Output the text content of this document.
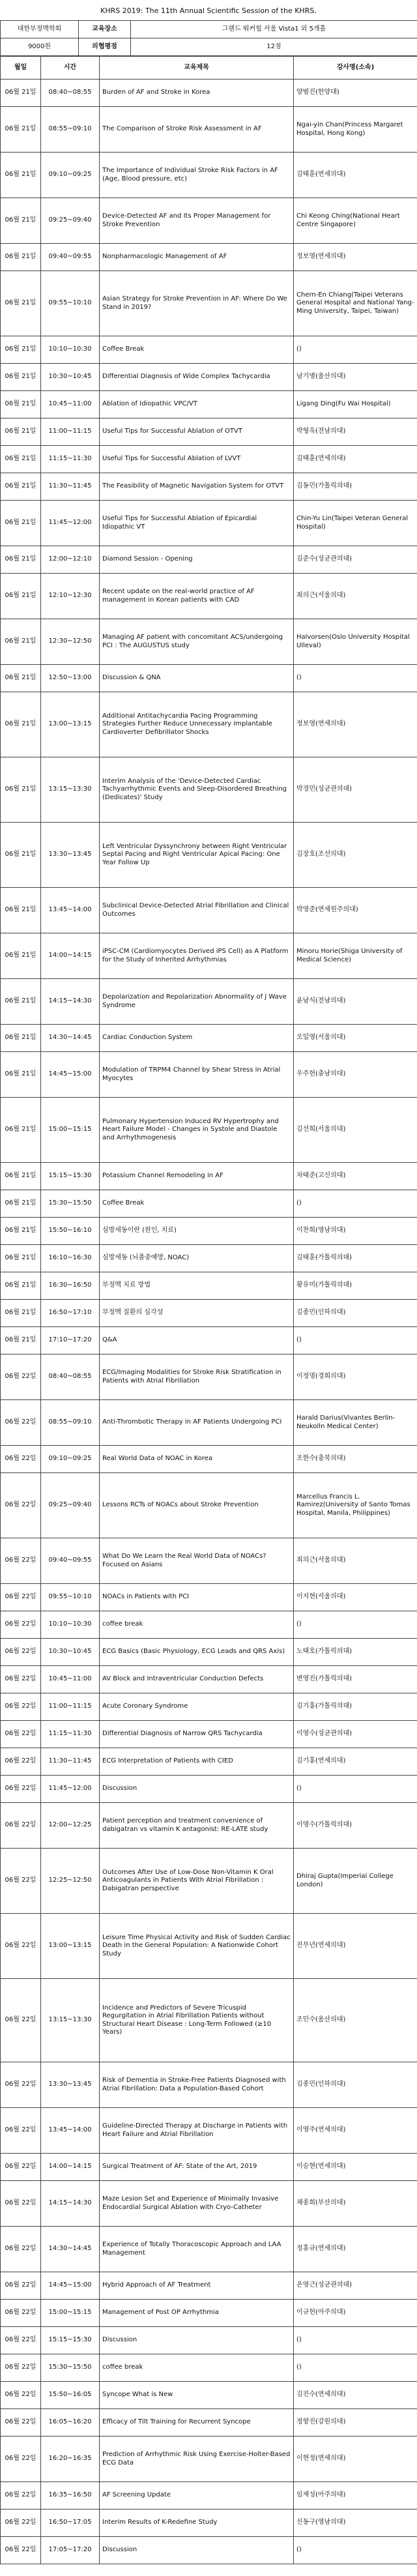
KHRS 2019: The 11th Annual Scientific Session of the KHRS.
대한부정맥학회	교육장소	그랜드 워커힐 서울 Vista1 외 5개홀
9000원	의협평점	12점
월일	시간	교육제목	강사명(소속)
06월 21일	08:40~08:55	Burden of AF and Stroke in Korea	양범진(한양대)
06월 21일	08:55~09:10	The Comparison of Stroke Risk Assessment in AF	Ngai-yin Chan(Princess Margaret Hospital, Hong Kong)
06월 21일	09:10~09:25	The Importance of Individual Stroke Risk Factors in AF (Age, Blood pressure, etc)	김태훈(연세의대)
06월 21일	09:25~09:40	Device-Detected AF and Its Proper Management for Stroke Prevention	Chi Keong Ching(National Heart Centre Singapore)
06월 21일	09:40~09:55	Nonpharmacologic Management of AF	정보영(연세의대)
06월 21일	09:55~10:10	Asian Strategy for Stroke Prevention in AF: Where Do We Stand in 2019?	Chern-En Chiang(Taipei Veterans General Hospital and National Yang-Ming University, Taipei, Taiwan)
06월 21일	10:10~10:30	Coffee Break	()
06월 21일	10:30~10:45	Differential Diagnosis of Wide Complex Tachycardia	남기병(울산의대)
06월 21일	10:45~11:00	Ablation of Idiopathic VPC/VT	Ligang Ding(Fu Wai Hospital)
06월 21일	11:00~11:15	Useful Tips for Successful Ablation of OTVT	박형욱(전남의대)
06월 21일	11:15~11:30	Useful Tips for Successful Ablation of LVVT	김태훈(연세의대)
06월 21일	11:30~11:45	The Feasibility of Magnetic Navigation System for OTVT	김동민(가톨릭의대)
06월 21일	11:45~12:00	Useful Tips for Successful Ablation of Epicardial Idiopathic VT	Chin-Yu Lin(Taipei Veteran General Hospital)
06월 21일	12:00~12:10	Diamond Session - Opening	김준수(성균관의대)
06월 21일	12:10~12:30	Recent update on the real-world practice of AF management in Korean patients with CAD	최의근(서울의대)
06월 21일	12:30~12:50	Managing AF patient with concomitant ACS/undergoing PCI : The AUGUSTUS study	Halvorsen(Oslo University Hospital Ulleval)
06월 21일	12:50~13:00	Discussion & QNA	()
06월 21일	13:00~13:15	Additional Antitachycardia Pacing Programming Strategies Further Reduce Unnecessary Implantable Cardioverter Defibrillator Shocks	정보영(연세의대)
06월 21일	13:15~13:30	Interim Analysis of the 'Device-Detected Cardiac Tachyarrhythmic Events and Sleep-Disordered Breathing (Dedicates)' Study	박경민(성균관의대)
06월 21일	13:30~13:45	Left Ventricular Dyssynchrony between Right Ventricular Septal Pacing and Right Ventricular Apical Pacing: One Year Follow Up	김장호(조선의대)
06월 21일	13:45~14:00	Subclinical Device-Detected Atrial Fibrillation and Clinical Outcomes	박영준(연세원주의대)
06월 21일	14:00~14:15	iPSC-CM (Cardiomyocytes Derived iPS Cell) as A Platform for the Study of Inherited Arrhythmias	Minoru Horie(Shiga University of Medical Science)
06월 21일	14:15~14:30	Depolarization and Repolarization Abnormality of J Wave Syndrome	윤남식(전남의대)
06월 21일	14:30~14:45	Cardiac Conduction System	오일영(서울의대)
06월 21일	14:45~15:00	Modulation of TRPM4 Channel by Shear Stress in Atrial Myocytes	우주헌(충남의대)
06월 21일	15:00~15:15	Pulmonary Hypertension Induced RV Hypertrophy and Heart Failure Model - Changes in Systole and Diastole and Arrhythmogenesis	김선희(서울의대)
06월 21일	15:15~15:30	Potassium Channel Remodeling in AF	차태준(고신의대)
06월 21일	15:30~15:50	Coffee Break	()
06월 21일	15:50~16:10	심방세동이란 (원인, 치료)	이찬희(영남의대)
06월 21일	16:10~16:30	심방세동 (뇌졸중예방, NOAC)	김태훈(가톨릭의대)
06월 21일	16:30~16:50	부정맥 치료 방법	황유미(가톨릭의대)
06월 21일	16:50~17:10	부정맥 질환의 심각성	김종민(인하의대)
06월 21일	17:10~17:20	Q&A	()
06월 22일	08:40~08:55	ECG/Imaging Modalities for Stroke Risk Stratification in Patients with Atrial Fibrillation	이정명(경희의대)
06월 22일	08:55~09:10	Anti-Thrombotic Therapy in AF Patients Undergoing PCI	Harald Darius(Vivantes Berlin-Neukolln Medical Center)
06월 22일	09:10~09:25	Real World Data of NOAC in Korea	조한수(충북의대)
06월 22일	09:25~09:40	Lessons RCTs of NOACs about Stroke Prevention	Marcellus Francis L. Ramirez(University of Santo Tomas Hospital, Manila, Philippines)
06월 22일	09:40~09:55	What Do We Learn the Real World Data of NOACs? Focused on Asians	최의근(서울의대)
06월 22일	09:55~10:10	NOACs in Patients with PCI	이지현(서울의대)
06월 22일	10:10~10:30	coffee break	()
06월 22일	10:30~10:45	ECG Basics (Basic Physiology, ECG Leads and QRS Axis)	노태호(가톨릭의대)
06월 22일	10:45~11:00	AV Block and Intraventricular Conduction Defects	변영진(가톨릭의대)
06월 22일	11:00~11:15	Acute Coronary Syndrome	김기홍(가톨릭의대)
06월 22일	11:15~11:30	Differential Diagnosis of Narrow QRS Tachycardia	이영수(성균관의대)
06월 22일	11:30~11:45	ECG Interpretation of Patients with CIED	김기홍(연세의대)
06월 22일	11:45~12:00	Discussion	()
06월 22일	12:00~12:25	Patient perception and treatment convenience of dabigatran vs vitamin K antagonist: RE-LATE study	이명수(가톨릭의대)
06월 22일	12:25~12:50	Outcomes After Use of Low-Dose Non-Vitamin K Oral Anticoagulants in Patients With Atrial Fibrillation : Dabigatran perspective	Dhiraj Gupta(Imperial College London)
06월 22일	13:00~13:15	Leisure Time Physical Activity and Risk of Sudden Cardiac Death in the General Population: A Nationwide Cohort Study	진무년(연세의대)
06월 22일	13:15~13:30	Incidence and Predictors of Severe Tricuspid Regurgitation in Atrial Fibrillation Patients without Structural Heart Disease : Long-Term Followed (≥10 Years)	조민수(울산의대)
06월 22일	13:30~13:45	Risk of Dementia in Stroke-Free Patients Diagnosed with Atrial Fibrillation: Data a Population-Based Cohort	김종민(인하의대)
06월 22일	13:45~14:00	Guideline-Directed Therapy at Discharge in Patients with Heart Failure and Atrial Fibrillation	이영주(연세의대)
06월 22일	14:00~14:15	Surgical Treatment of AF: State of the Art, 2019	이승현(연세의대)
06월 22일	14:15~14:30	Maze Lesion Set and Experience of Minimally Invasive Endocardial Surgical Ablation with Cryo-Catheter	채종희(부산의대)
06월 22일	14:30~14:45	Experience of Totally Thoracoscopic Approach and LAA Management	정홍규(연세의대)
06월 22일	14:45~15:00	Hybrid Approach of AF Treatment	온영근(성균관의대)
06월 22일	15:00~15:15	Management of Post OP Arrhythmia	이규헌(아주의대)
06월 22일	15:15~15:30	Discussion	()
06월 22일	15:30~15:50	coffee break	()
06월 22일	15:50~16:05	Syncope What is New	김진수(연세의대)
06월 22일	16:05~16:20	Efficacy of Tilt Training for Recurrent Syncope	정향진(강원의대)
06월 22일	16:20~16:35	Prediction of Arrhythmic Risk Using Exercise-Holter-Based ECG Data	이현정(연세의대)
06월 22일	16:35~16:50	AF Screening Update	임재성(아주의대)
06월 22일	16:50~17:05	Interim Results of K-Redefine Study	신동구(영남의대)
06월 22일	17:05~17:20	Discussion	()
